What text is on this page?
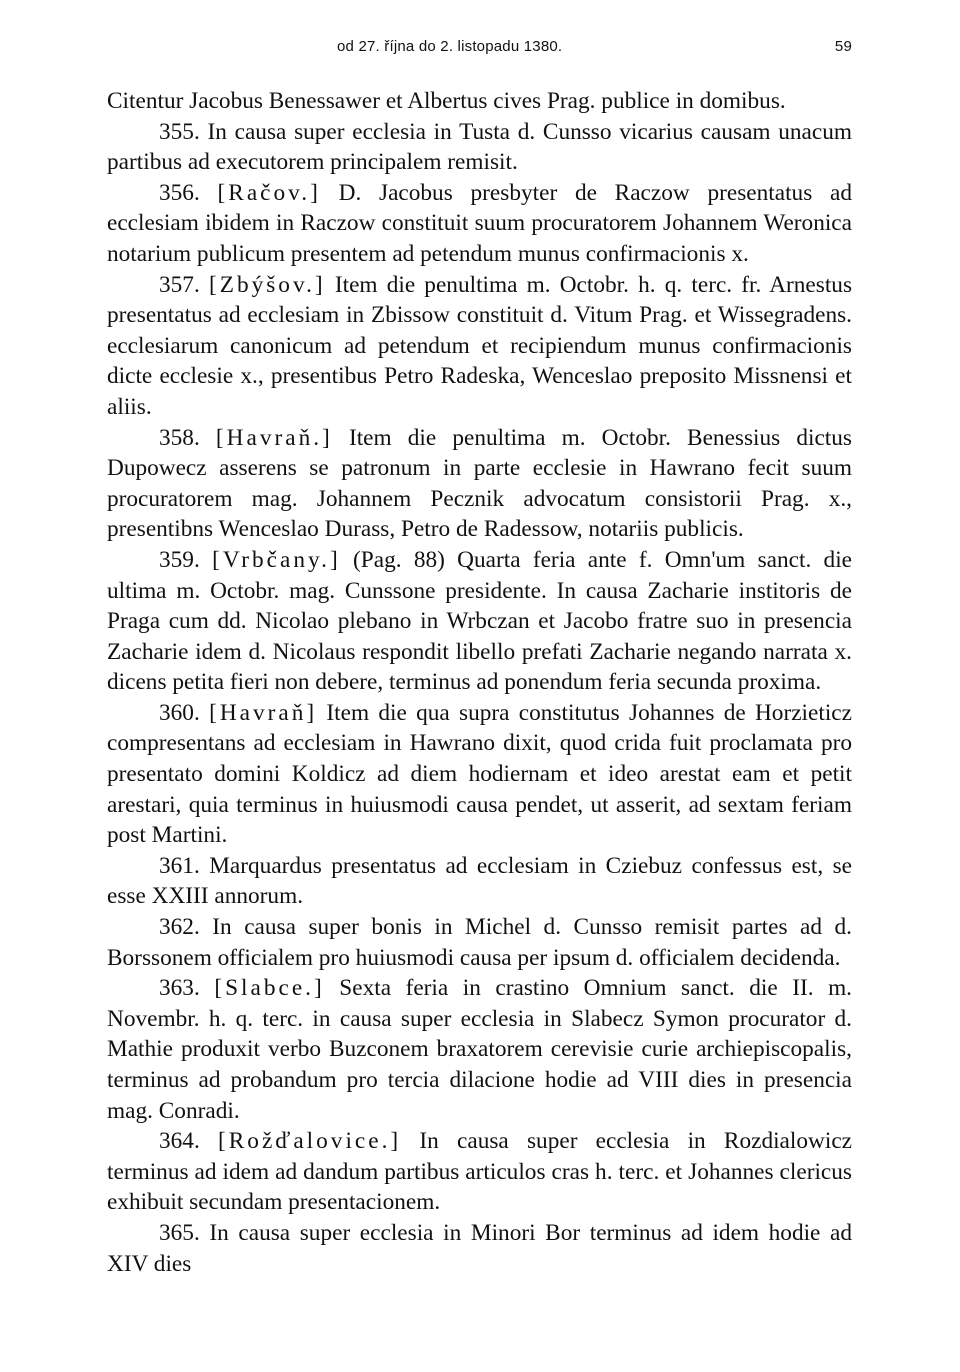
od 27. října do 2. listopadu 1380.	59

Citentur Jacobus Benessawer et Albertus cives Prag. publice in domibus.

355. In causa super ecclesia in Tusta d. Cunsso vicarius causam unacum partibus ad executorem principalem remisit.

356. [Račov.] D. Jacobus presbyter de Raczow presentatus ad ecclesiam ibidem in Raczow constituit suum procuratorem Johannem Weronica notarium publicum presentem ad petendum munus confirmacionis x.

357. [Zbýšov.] Item die penultima m. Octobr. h. q. terc. fr. Arnestus presentatus ad ecclesiam in Zbissow constituit d. Vitum Prag. et Wissegradens. ecclesiarum canonicum ad petendum et recipiendum munus confirmacionis dicte ecclesie x., presentibus Petro Radeska, Wenceslao preposito Missnensi et aliis.

358. [Havraň.] Item die penultima m. Octobr. Benessius dictus Dupowecz asserens se patronum in parte ecclesie in Hawrano fecit suum procuratorem mag. Johannem Pecznik advocatum consistorii Prag. x., presentibns Wenceslao Durass, Petro de Radessow, notariis publicis.

359. [Vrbčany.] (Pag. 88) Quarta feria ante f. Omn'um sanct. die ultima m. Octobr. mag. Cunssone presidente. In causa Zacharie institoris de Praga cum dd. Nicolao plebano in Wrbczan et Jacobo fratre suo in presencia Zacharie idem d. Nicolaus respondit libello prefati Zacharie negando narrata x. dicens petita fieri non debere, terminus ad ponendum feria secunda proxima.

360. [Havraň] Item die qua supra constitutus Johannes de Horzieticz compresentans ad ecclesiam in Hawrano dixit, quod crida fuit proclamata pro presentato domini Koldicz ad diem hodiernam et ideo arestat eam et petit arestari, quia terminus in huiusmodi causa pendet, ut asserit, ad sextam feriam post Martini.

361. Marquardus presentatus ad ecclesiam in Cziebuz confessus est, se esse XXIII annorum.

362. In causa super bonis in Michel d. Cunsso remisit partes ad d. Borssonem officialem pro huiusmodi causa per ipsum d. officialem decidenda.

363. [Slabce.] Sexta feria in crastino Omnium sanct. die II. m. Novembr. h. q. terc. in causa super ecclesia in Slabecz Symon procurator d. Mathie produxit verbo Buzconem braxatorem cerevisie curie archiepiscopalis, terminus ad probandum pro tercia dilacione hodie ad VIII dies in presencia mag. Conradi.

364. [Rožďalovice.] In causa super ecclesia in Rozdialowicz terminus ad idem ad dandum partibus articulos cras h. terc. et Johannes clericus exhibuit secundam presentacionem.

365. In causa super ecclesia in Minori Bor terminus ad idem hodie ad XIV dies
